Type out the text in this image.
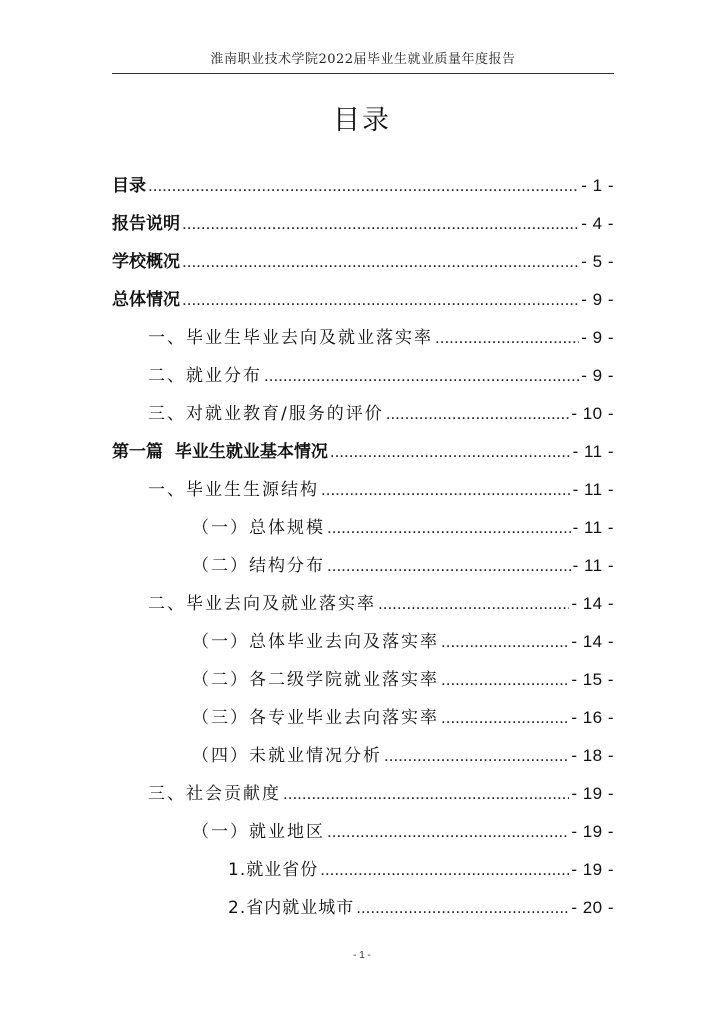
淮南职业技术学院2022届毕业生就业质量年度报告
目录
目录 .....	- 1 -
报告说明 .....	- 4 -
学校概况 .....	- 5 -
总体情况 .....	- 9 -
一、毕业生毕业去向及就业落实率 .....	- 9 -
二、就业分布 .....	- 9 -
三、对就业教育/服务的评价 .....	- 10 -
第一篇  毕业生就业基本情况 .....	- 11 -
一、毕业生生源结构 .....	- 11 -
（一）总体规模 .....	- 11 -
（二）结构分布 .....	- 11 -
二、毕业去向及就业落实率 .....	- 14 -
（一）总体毕业去向及落实率 .....	- 14 -
（二）各二级学院就业落实率 .....	- 15 -
（三）各专业毕业去向落实率 .....	- 16 -
（四）未就业情况分析 .....	- 18 -
三、社会贡献度 .....	- 19 -
（一）就业地区 .....	- 19 -
1.就业省份 .....	- 19 -
2.省内就业城市 .....	- 20 -
- 1 -
